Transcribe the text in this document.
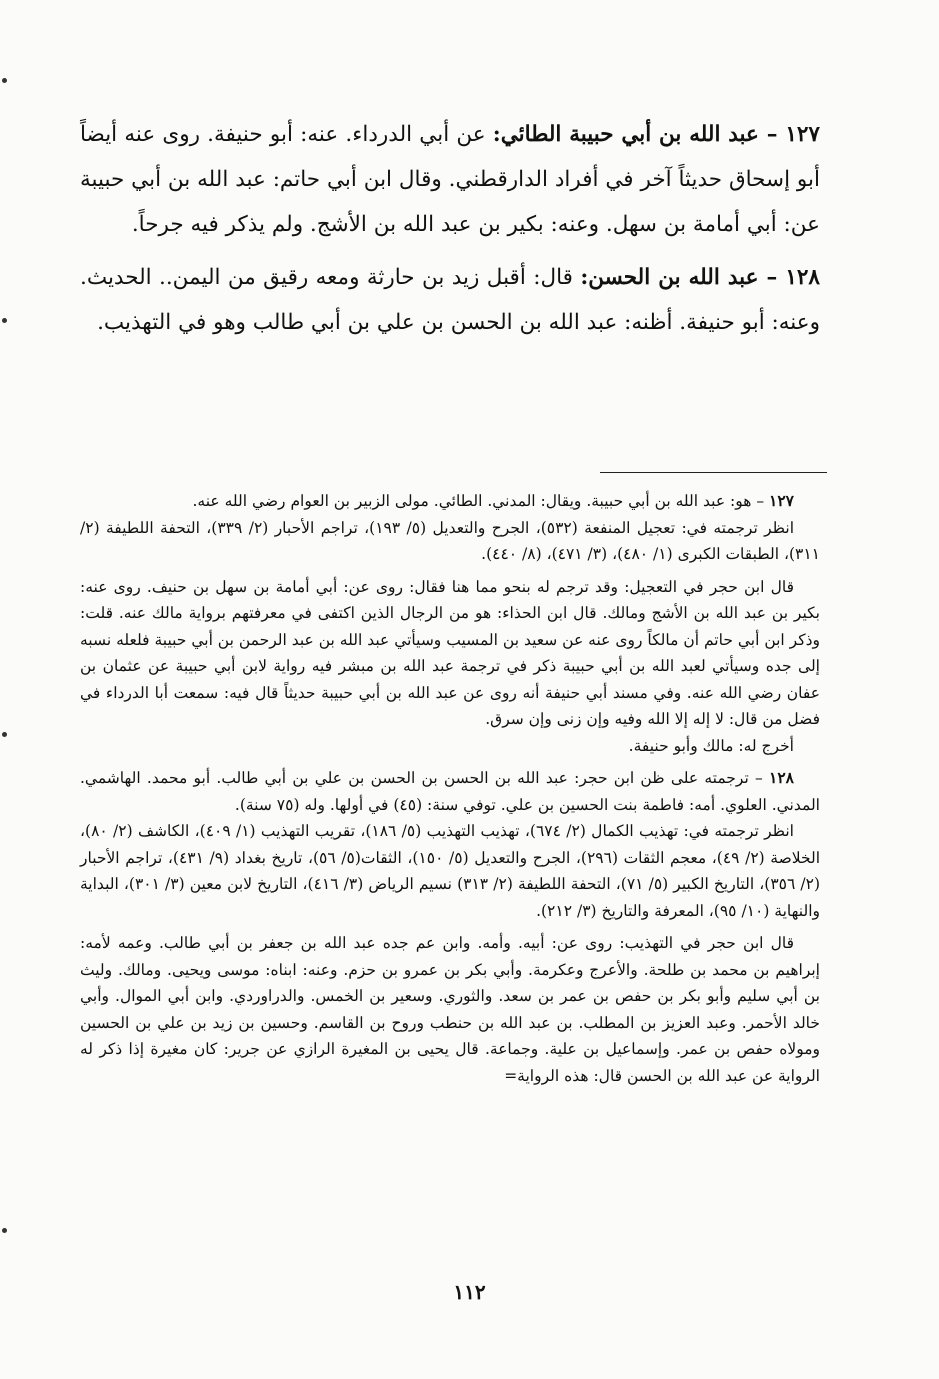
١٢٧ – عبد الله بن أبي حبيبة الطائي: عن أبي الدرداء. عنه: أبو حنيفة. روى عنه أيضاً أبو إسحاق حديثاً آخر في أفراد الدارقطني. وقال ابن أبي حاتم: عبد الله بن أبي حبيبة عن: أبي أمامة بن سهل. وعنه: بكير بن عبد الله بن الأشج. ولم يذكر فيه جرحاً.

١٢٨ – عبد الله بن الحسن: قال: أقبل زيد بن حارثة ومعه رقيق من اليمن.. الحديث. وعنه: أبو حنيفة. أظنه: عبد الله بن الحسن بن علي بن أبي طالب وهو في التهذيب.

١٢٧ – هو: عبد الله بن أبي حبيبة. ويقال: المدني. الطائي. مولى الزبير بن العوام رضي الله عنه.

انظر ترجمته في: تعجيل المنفعة (٥٣٢)، الجرح والتعديل (٥/ ١٩٣)، تراجم الأحبار (٢/ ٣٣٩)، التحفة اللطيفة (٢/ ٣١١)، الطبقات الكبرى (١/ ٤٨٠)، (٣/ ٤٧١)، (٨/ ٤٤٠).

قال ابن حجر في التعجيل: وقد ترجم له بنحو مما هنا فقال: روى عن: أبي أمامة بن سهل بن حنيف. روى عنه: بكير بن عبد الله بن الأشج ومالك. قال ابن الحذاء: هو من الرجال الذين اكتفى في معرفتهم برواية مالك عنه. قلت: وذكر ابن أبي حاتم أن مالكاً روى عنه عن سعيد بن المسيب وسيأتي عبد الله بن عبد الرحمن بن أبي حبيبة فلعله نسبه إلى جده وسيأتي لعبد الله بن أبي حبيبة ذكر في ترجمة عبد الله بن مبشر فيه رواية لابن أبي حبيبة عن عثمان بن عفان رضي الله عنه. وفي مسند أبي حنيفة أنه روى عن عبد الله بن أبي حبيبة حديثاً قال فيه: سمعت أبا الدرداء في فضل من قال: لا إله إلا الله وفيه وإن زنى وإن سرق.

أخرج له: مالك وأبو حنيفة.

١٢٨ – ترجمته على ظن ابن حجر: عبد الله بن الحسن بن الحسن بن علي بن أبي طالب. أبو محمد. الهاشمي. المدني. العلوي. أمه: فاطمة بنت الحسين بن علي. توفي سنة: (٤٥) في أولها. وله (٧٥ سنة).

انظر ترجمته في: تهذيب الكمال (٢/ ٦٧٤)، تهذيب التهذيب (٥/ ١٨٦)، تقريب التهذيب (١/ ٤٠٩)، الكاشف (٢/ ٨٠)، الخلاصة (٢/ ٤٩)، معجم الثقات (٢٩٦)، الجرح والتعديل (٥/ ١٥٠)، الثقات(٥/ ٥٦)، تاريخ بغداد (٩/ ٤٣١)، تراجم الأحبار (٢/ ٣٥٦)، التاريخ الكبير (٥/ ٧١)، التحفة اللطيفة (٢/ ٣١٣) نسيم الرياض (٣/ ٤١٦)، التاريخ لابن معين (٣/ ٣٠١)، البداية والنهاية (١٠/ ٩٥)، المعرفة والتاريخ (٣/ ٢١٢).

قال ابن حجر في التهذيب: روى عن: أبيه. وأمه. وابن عم جده عبد الله بن جعفر بن أبي طالب. وعمه لأمه: إبراهيم بن محمد بن طلحة. والأعرج وعكرمة. وأبي بكر بن عمرو بن حزم. وعنه: ابناه: موسى ويحيى. ومالك. وليث بن أبي سليم وأبو بكر بن حفص بن عمر بن سعد. والثوري. وسعير بن الخمس. والدراوردي. وابن أبي الموال. وأبي خالد الأحمر. وعبد العزيز بن المطلب. بن عبد الله بن حنطب وروح بن القاسم. وحسين بن زيد بن علي بن الحسين ومولاه حفص بن عمر. وإسماعيل بن علية. وجماعة. قال يحيى بن المغيرة الرازي عن جرير: كان مغيرة إذا ذكر له الرواية عن عبد الله بن الحسن قال: هذه الرواية=

١١٢
